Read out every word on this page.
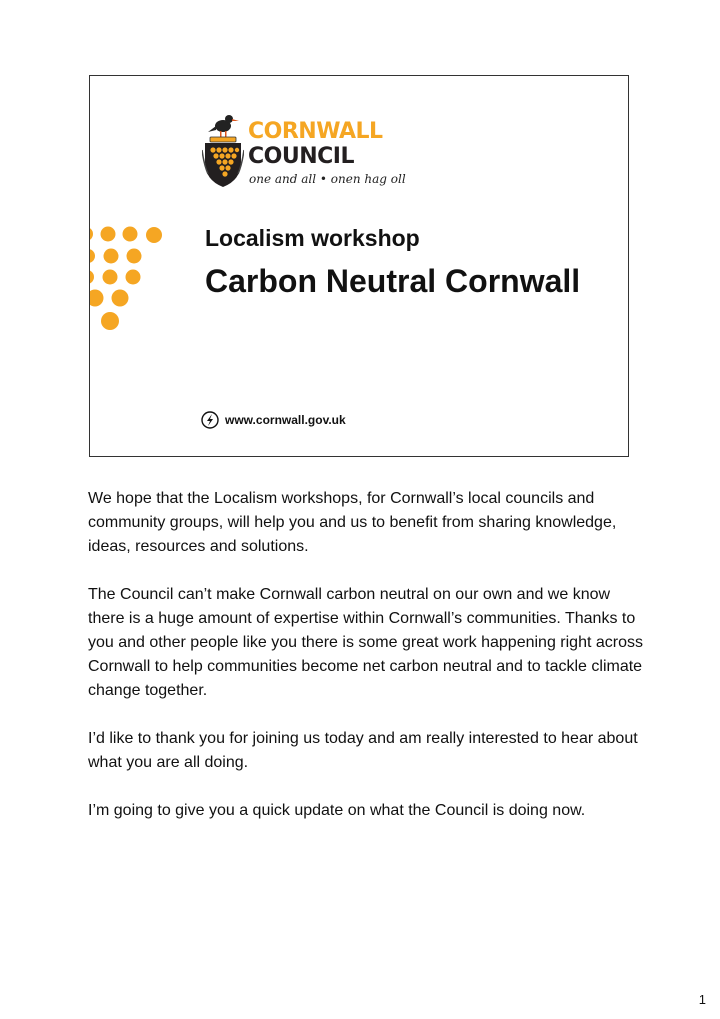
CORNWALL
COUNCIL
one and all • onen hag oll
Localism workshop
Carbon Neutral Cornwall
www.cornwall.gov.uk

We hope that the Localism workshops, for Cornwall’s local councils and community groups, will help you and us to benefit from sharing knowledge, ideas, resources and solutions.

The Council can’t make Cornwall carbon neutral on our own and we know there is a huge amount of expertise within Cornwall’s communities. Thanks to you and other people like you there is some great work happening right across Cornwall to help communities become net carbon neutral and to tackle climate change together.

I’d like to thank you for joining us today and am really interested to hear about what you are all doing.

I’m going to give you a quick update on what the Council is doing now.

1
